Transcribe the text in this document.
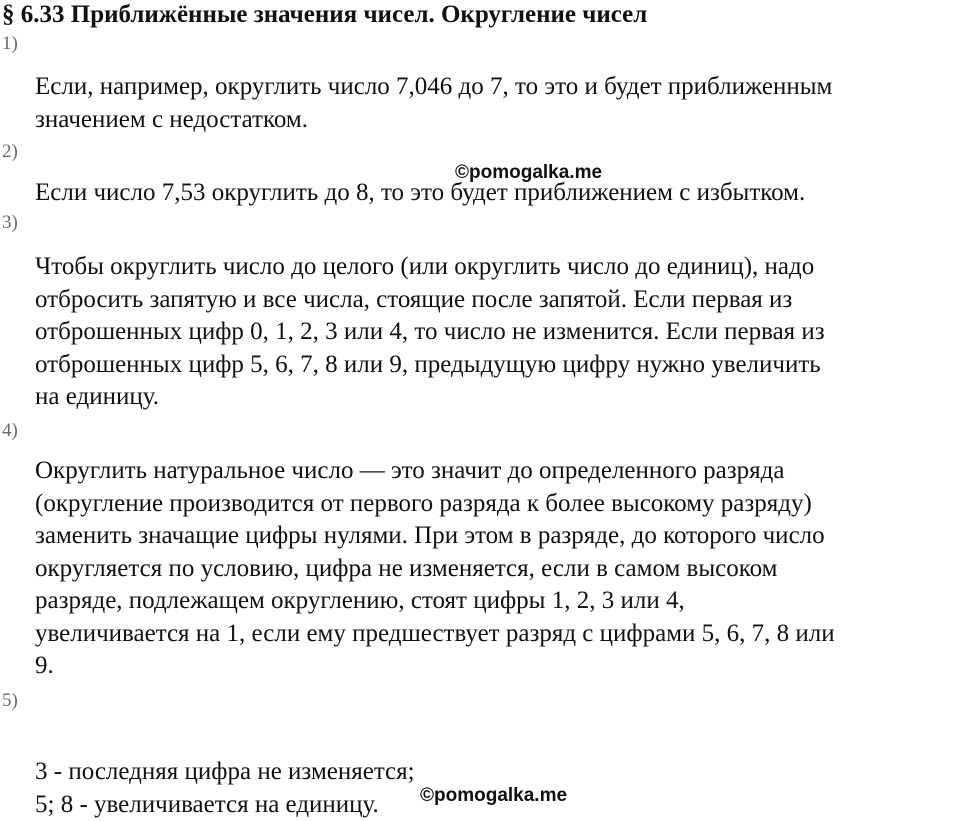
§ 6.33 Приближённые значения чисел. Округление чисел
1)
Если, например, округлить число 7,046 до 7, то это и будет приближенным
значением с недостатком.
2)
Если число 7,53 округлить до 8, то это будет приближением с избытком.
3)
Чтобы округлить число до целого (или округлить число до единиц), надо
отбросить запятую и все числа, стоящие после запятой. Если первая из
отброшенных цифр 0, 1, 2, 3 или 4, то число не изменится. Если первая из
отброшенных цифр 5, 6, 7, 8 или 9, предыдущую цифру нужно увеличить
на единицу.
4)
Округлить натуральное число — это значит до определенного разряда
(округление производится от первого разряда к более высокому разряду)
заменить значащие цифры нулями. При этом в разряде, до которого число
округляется по условию, цифра не изменяется, если в самом высоком
разряде, подлежащем округлению, стоят цифры 1, 2, 3 или 4,
увеличивается на 1, если ему предшествует разряд с цифрами 5, 6, 7, 8 или
9.
5)
3 - последняя цифра не изменяется;
5; 8 - увеличивается на единицу.
©pomogalka.me
©pomogalka.me
